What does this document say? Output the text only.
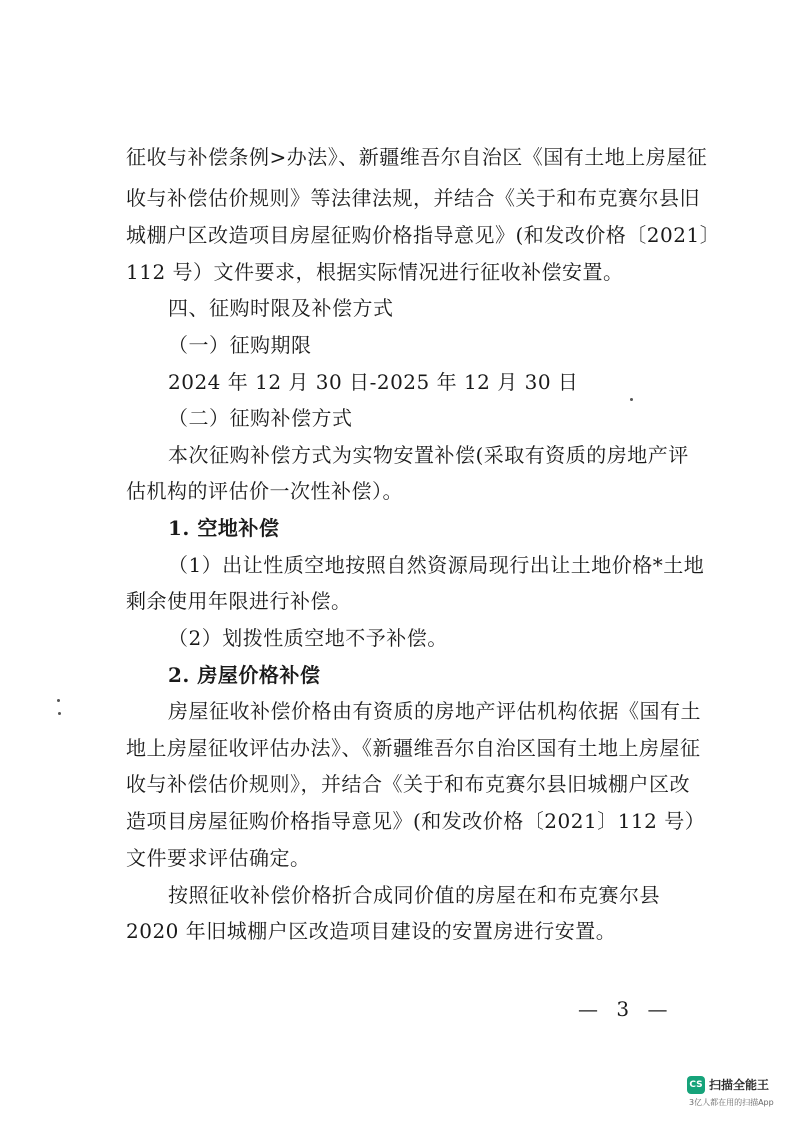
征收与补偿条例>办法》、新疆维吾尔自治区《国有土地上房屋征
收与补偿估价规则》等法律法规，并结合《关于和布克赛尔县旧
城棚户区改造项目房屋征购价格指导意见》(和发改价格〔2021〕
112 号）文件要求，根据实际情况进行征收补偿安置。
四、征购时限及补偿方式
（一）征购期限
2024 年 12 月 30 日-2025 年 12 月 30 日
（二）征购补偿方式
本次征购补偿方式为实物安置补偿(采取有资质的房地产评
估机构的评估价一次性补偿）。
1. 空地补偿
（1）出让性质空地按照自然资源局现行出让土地价格*土地
剩余使用年限进行补偿。
（2）划拨性质空地不予补偿。
2. 房屋价格补偿
房屋征收补偿价格由有资质的房地产评估机构依据《国有土
地上房屋征收评估办法》、《新疆维吾尔自治区国有土地上房屋征
收与补偿估价规则》，并结合《关于和布克赛尔县旧城棚户区改
造项目房屋征购价格指导意见》(和发改价格〔2021〕112 号）
文件要求评估确定。
按照征收补偿价格折合成同价值的房屋在和布克赛尔县
2020 年旧城棚户区改造项目建设的安置房进行安置。
— 3 —
CS 扫描全能王
3亿人都在用的扫描App
